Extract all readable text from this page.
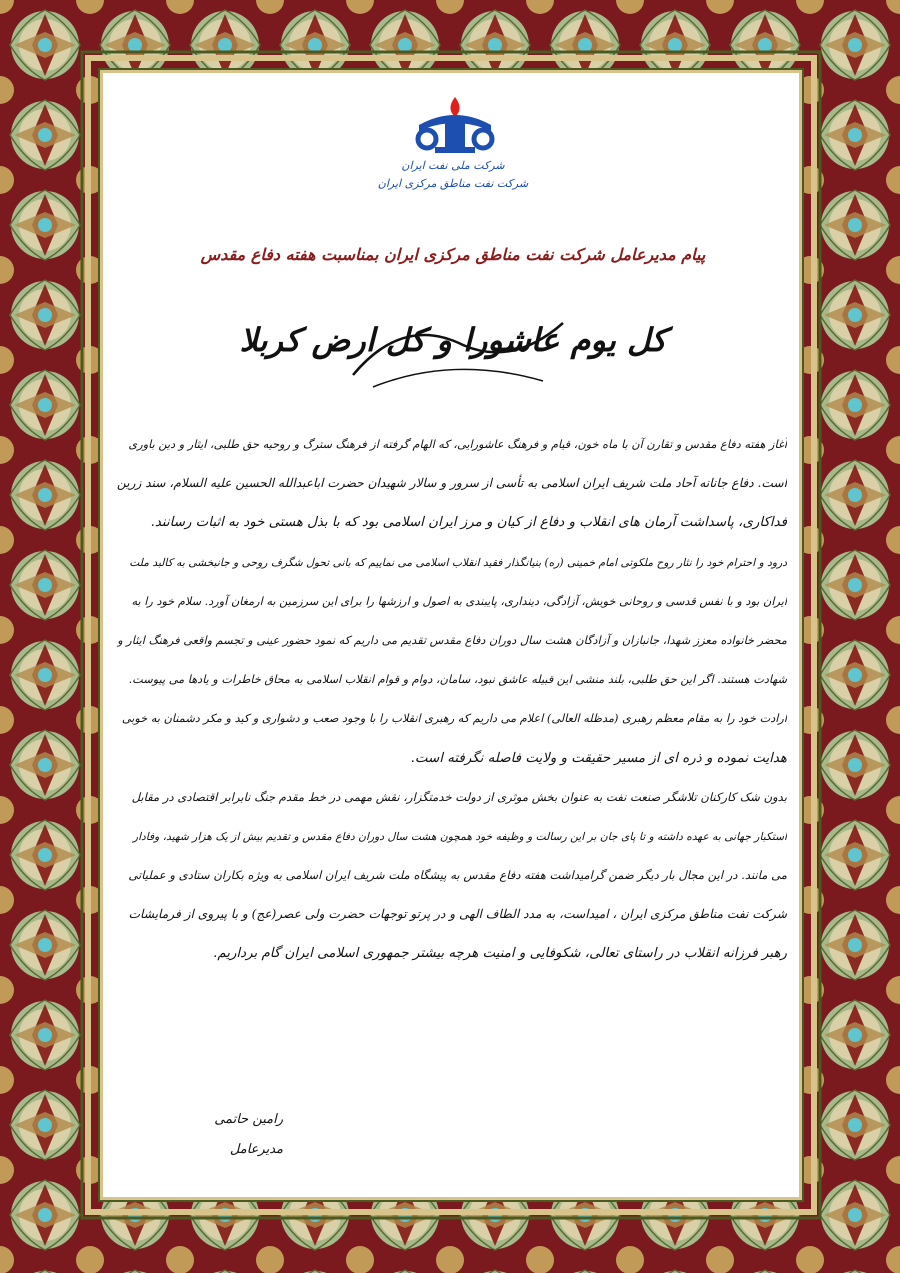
شرکت ملی نفت ایران
شرکت نفت مناطق مرکزی ایران
پیام مدیرعامل شرکت نفت مناطق مرکزی ایران بمناسبت هفته دفاع مقدس
کل یوم عاشورا و کل ارض کربلا
آغاز هفته دفاع مقدس و تقارن آن با ماه خون، قیام و فرهنگ عاشورایی، که الهام گرفته از فرهنگ سترگ و روحیه حق طلبی، ایثار و دین باوری
است. دفاع جانانه آحاد ملت شریف ایران اسلامی به تأسی از سرور و سالار شهیدان حضرت اباعبدالله الحسین علیه السلام، سند زرین
فداکاری، پاسداشت آرمان های انقلاب و دفاع از کیان و مرز ایران اسلامی بود که با بذل هستی خود به اثبات رسانند.
درود و احترام خود را نثار روح ملکوتی امام خمینی (ره) بنیانگذار فقید انقلاب اسلامی می نماییم که بانی تحول شگرف روحی و جانبخشی به کالبد ملت
ایران بود و با نفس قدسی و روحانی خویش، آزادگی، دینداری، پایبندی به اصول و ارزشها را برای این سرزمین به ارمغان آورد. سلام خود را به
محضر خانواده معزز شهدا، جانبازان و آزادگان هشت سال دوران دفاع مقدس تقدیم می داریم که نمود حضور عینی و تجسم واقعی فرهنگ ایثار و
شهادت هستند. اگر این حق طلبی، بلند منشی این قبیله عاشق نبود، سامان، دوام و قوام انقلاب اسلامی به محاق خاطرات و یادها می پیوست.
ارادت خود را به مقام معظم رهبری (مدظله العالی) اعلام می داریم که رهبری انقلاب را با وجود صعب و دشواری و کید و مکر دشمنان به خوبی
هدایت نموده و ذره ای از مسیر حقیقت و ولایت فاصله نگرفته است.
بدون شک کارکنان تلاشگر صنعت نفت به عنوان بخش موثری از دولت خدمتگزار، نقش مهمی در خط مقدم جنگ نابرابر اقتصادی در مقابل
استکبار جهانی به عهده داشته و تا پای جان بر این رسالت و وظیفه خود همچون هشت سال دوران دفاع مقدس و تقدیم بیش از یک هزار شهید، وفادار
می مانند. در این مجال بار دیگر ضمن گرامیداشت هفته دفاع مقدس به پیشگاه ملت شریف ایران اسلامی به ویژه بکاران ستادی و عملیاتی
شرکت نفت مناطق مرکزی ایران ، امیداست، به مدد الطاف الهی و در پرتو توجهات حضرت ولی عصر(عج) و با پیروی از فرمایشات
رهبر فرزانه انقلاب در راستای تعالی، شکوفایی و امنیت هرچه بیشتر جمهوری اسلامی ایران گام برداریم.
رامین حاتمی
مدیرعامل
